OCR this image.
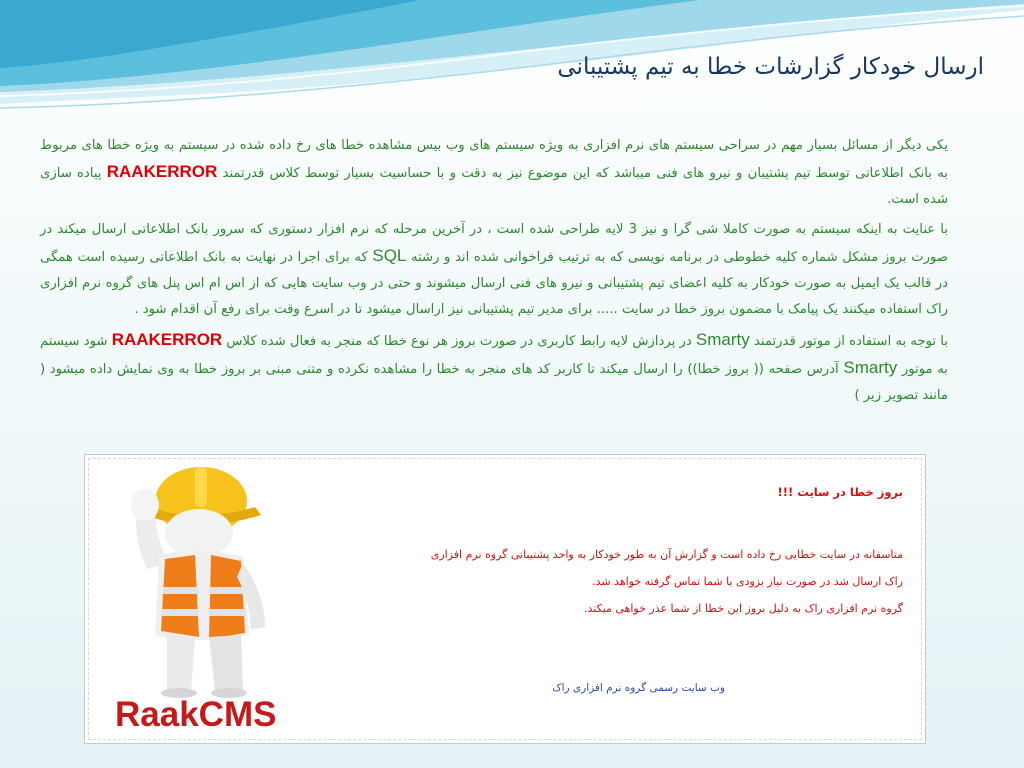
ارسال خودکار گزارشات خطا به تیم پشتیبانی
یکی دیگر از مسائل بسیار مهم در سراحی سیستم های نرم افزاری به ویژه سیستم های وب بیس مشاهده خطا های رخ داده شده در سیستم به ویژه خطا های مربوط به بانک اطلاعاتی توسط تیم پشتیبان و نیرو های فنی میباشد که این موضوع نیز به دقت و با حساسیت بسیار توسط کلاس قدرتمند RAAKERROR پیاده سازی شده است.
با عنایت به اینکه سیستم به صورت کاملا شی گرا و نیز 3 لایه طراحی شده است ، در آخرین مرحله که نرم افزار دستوری که سرور بانک اطلاعاتی ارسال میکند در صورت بروز مشکل شماره کلیه خطوطی در برنامه نویسی که به ترتیب فراخوانی شده اند و رشته SQL که برای اجرا در نهایت به بانک اطلاعاتی رسیده است همگی در قالب یک ایمیل به صورت خودکار به کلیه اعضای تیم پشتیبانی و نیرو های فنی ارسال میشوند و حتی در وب سایت هایی که از اس ام اس پنل های گروه نرم افزاری راک استفاده میکنند یک پیامک با مضمون بروز خطا در سایت ..... برای مدیر تیم پشتیبانی نیز اراسال میشود تا در اسرع وقت برای رفع آن اقدام شود .
با توجه به استفاده از موتور قدرتمند Smarty در پردازش لایه رابط کاربری در صورت بروز هر نوع خطا که منجر به فعال شده کلاس RAAKERROR شود سیستم به موتور Smarty آدرس صفحه (( بروز خطا)) را ارسال میکند تا کاربر کد های منجر به خطا را مشاهده نکرده و متنی مبنی بر بروز خطا به وی نمایش داده میشود ( مانند تصویر زیر )
RaakCMS
بروز خطا در سایت !!!
متاسفانه در سایت خطایی رخ داده است و گزارش آن به طور خودکار به واحد پشتیبانی گروه نرم افزاری
راک ارسال شد در صورت نیاز بزودی با شما تماس گرفته خواهد شد.
گروه نرم افزاری راک به دلیل بروز این خطا از شما عذر خواهی میکند.
وب سایت رسمی گروه نرم افزاری راک
